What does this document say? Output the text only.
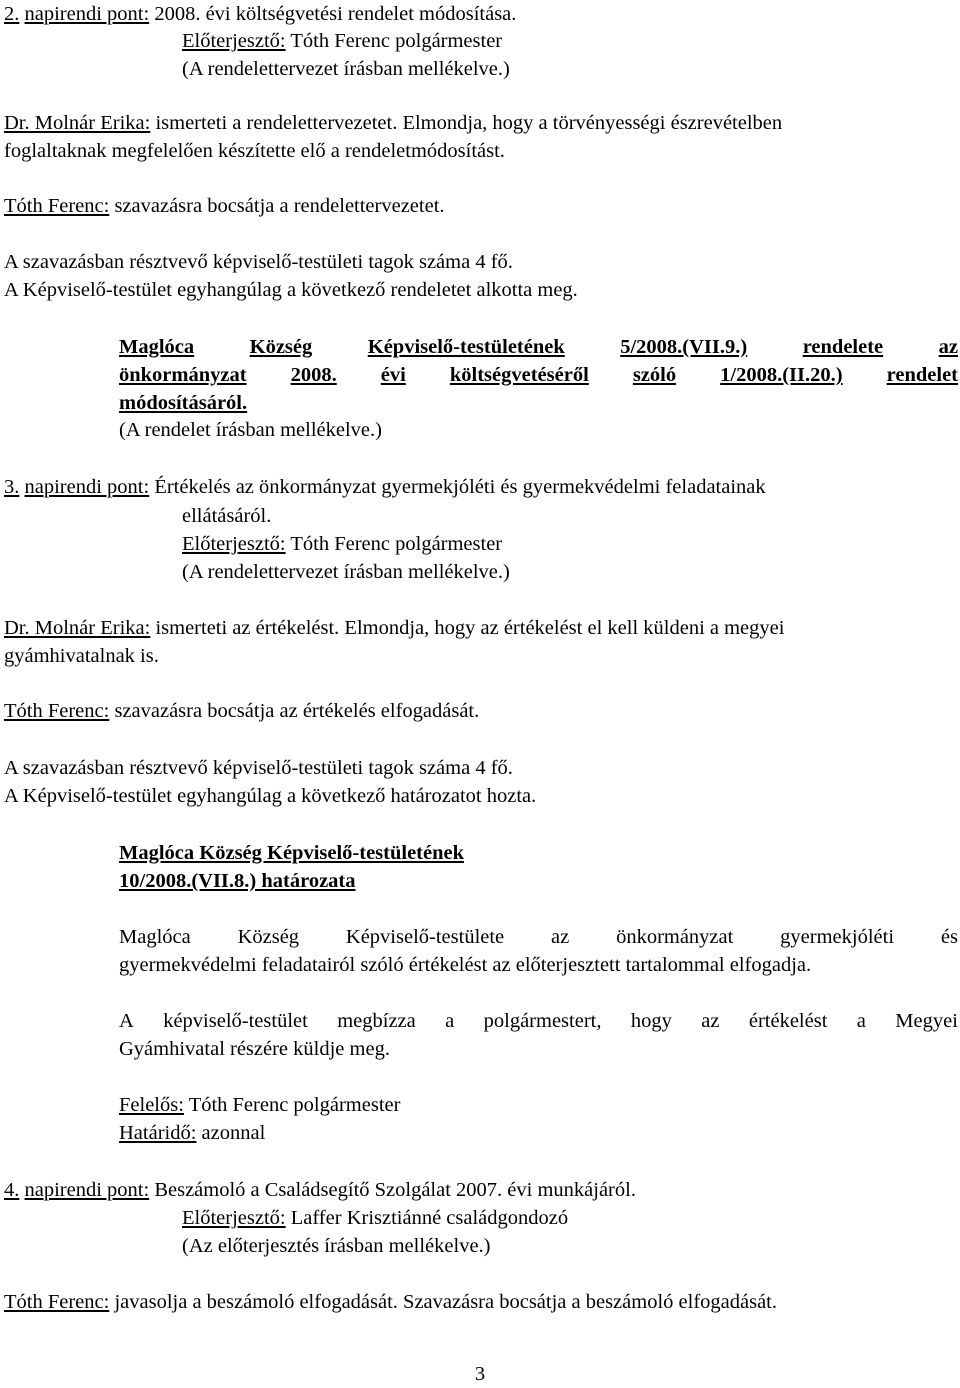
2. napirendi pont: 2008. évi költségvetési rendelet módosítása.
Előterjesztő: Tóth Ferenc polgármester
(A rendelettervezet írásban mellékelve.)
Dr. Molnár Erika: ismerteti a rendelettervezetet. Elmondja, hogy a törvényességi észrevételben
foglaltaknak megfelelően készítette elő a rendeletmódosítást.
Tóth Ferenc: szavazásra bocsátja a rendelettervezetet.
A szavazásban résztvevő képviselő-testületi tagok száma 4 fő.
A Képviselő-testület egyhangúlag a következő rendeletet alkotta meg.
Maglóca	Község	Képviselő-testületének	5/2008.(VII.9.)	rendelete	az
önkormányzat 2008. évi költségvetéséről szóló 1/2008.(II.20.) rendelet
módosításáról.
(A rendelet írásban mellékelve.)
3. napirendi pont: Értékelés az önkormányzat gyermekjóléti és gyermekvédelmi feladatainak
ellátásáról.
Előterjesztő: Tóth Ferenc polgármester
(A rendelettervezet írásban mellékelve.)
Dr. Molnár Erika: ismerteti az értékelést. Elmondja, hogy az értékelést el kell küldeni a megyei
gyámhivatalnak is.
Tóth Ferenc: szavazásra bocsátja az értékelés elfogadását.
A szavazásban résztvevő képviselő-testületi tagok száma 4 fő.
A Képviselő-testület egyhangúlag a következő határozatot hozta.
Maglóca Község Képviselő-testületének
10/2008.(VII.8.) határozata
Maglóca Község Képviselő-testülete az önkormányzat gyermekjóléti és
gyermekvédelmi feladatairól szóló értékelést az előterjesztett tartalommal elfogadja.
A képviselő-testület megbízza a polgármestert, hogy az értékelést a Megyei
Gyámhivatal részére küldje meg.
Felelős: Tóth Ferenc polgármester
Határidő: azonnal
4. napirendi pont: Beszámoló a Családsegítő Szolgálat 2007. évi munkájáról.
Előterjesztő: Laffer Krisztiánné családgondozó
(Az előterjesztés írásban mellékelve.)
Tóth Ferenc: javasolja a beszámoló elfogadását. Szavazásra bocsátja a beszámoló elfogadását.
3
